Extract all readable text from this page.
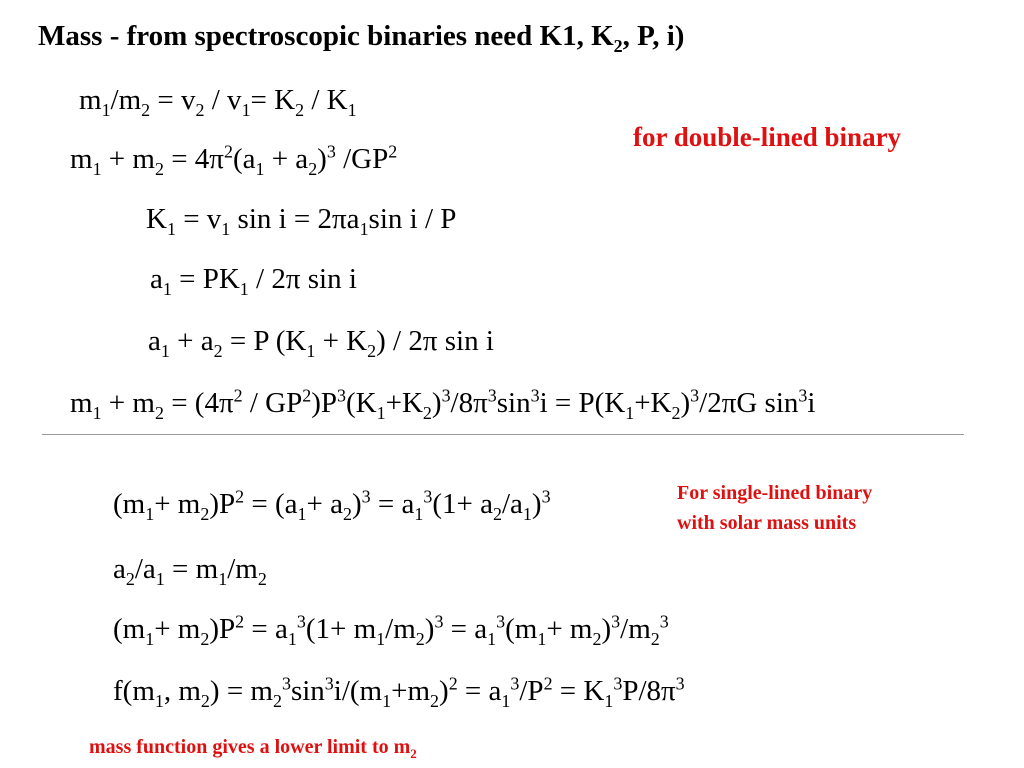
Mass - from spectroscopic binaries need K1, $K_2$, P, i)
$m_1/m_2 = v_2 / v_1= K_2 / K_1$
$m_1 + m_2 = 4\pi^2(a_1 + a_2)^3$ $/GP^2$	for double-lined binary
$K_1 = v_1$ $\sin i = 2\pi a_1\sin$ i / P
$a_1 = PK_1 / 2\pi$ sin i
$a_1 + a_2 = P$ $(K_1 + K_2) / 2\pi$ sin i
$m_1 + m_2 = (4\pi^2 / GP^2)P^3(K_1+K_2)^3/8\pi^3\sin^3i = P(K_1+K_2)^3/2\pi G$ $\sin^3i$
$(m_1+ m_2)P^2 = (a_1+ a_2)^3 = a_1^3(1+ a_2/a_1)^3$	For single-lined binary
with solar mass units
$a_2/a_1 = m_1/m_2$
$(m_1+ m_2)P^2 = a_1^3(1+ m_1/m_2)^3 = a_1^3(m_1+ m_2)^3/m_2^3$
$f(m_1$, $m_2) = m_2^3\sin^3i/(m_1+m_2)^2 = a_1^3/P^2 = K_1^3P/8\pi^3$
mass function gives a lower limit to $m_2$
